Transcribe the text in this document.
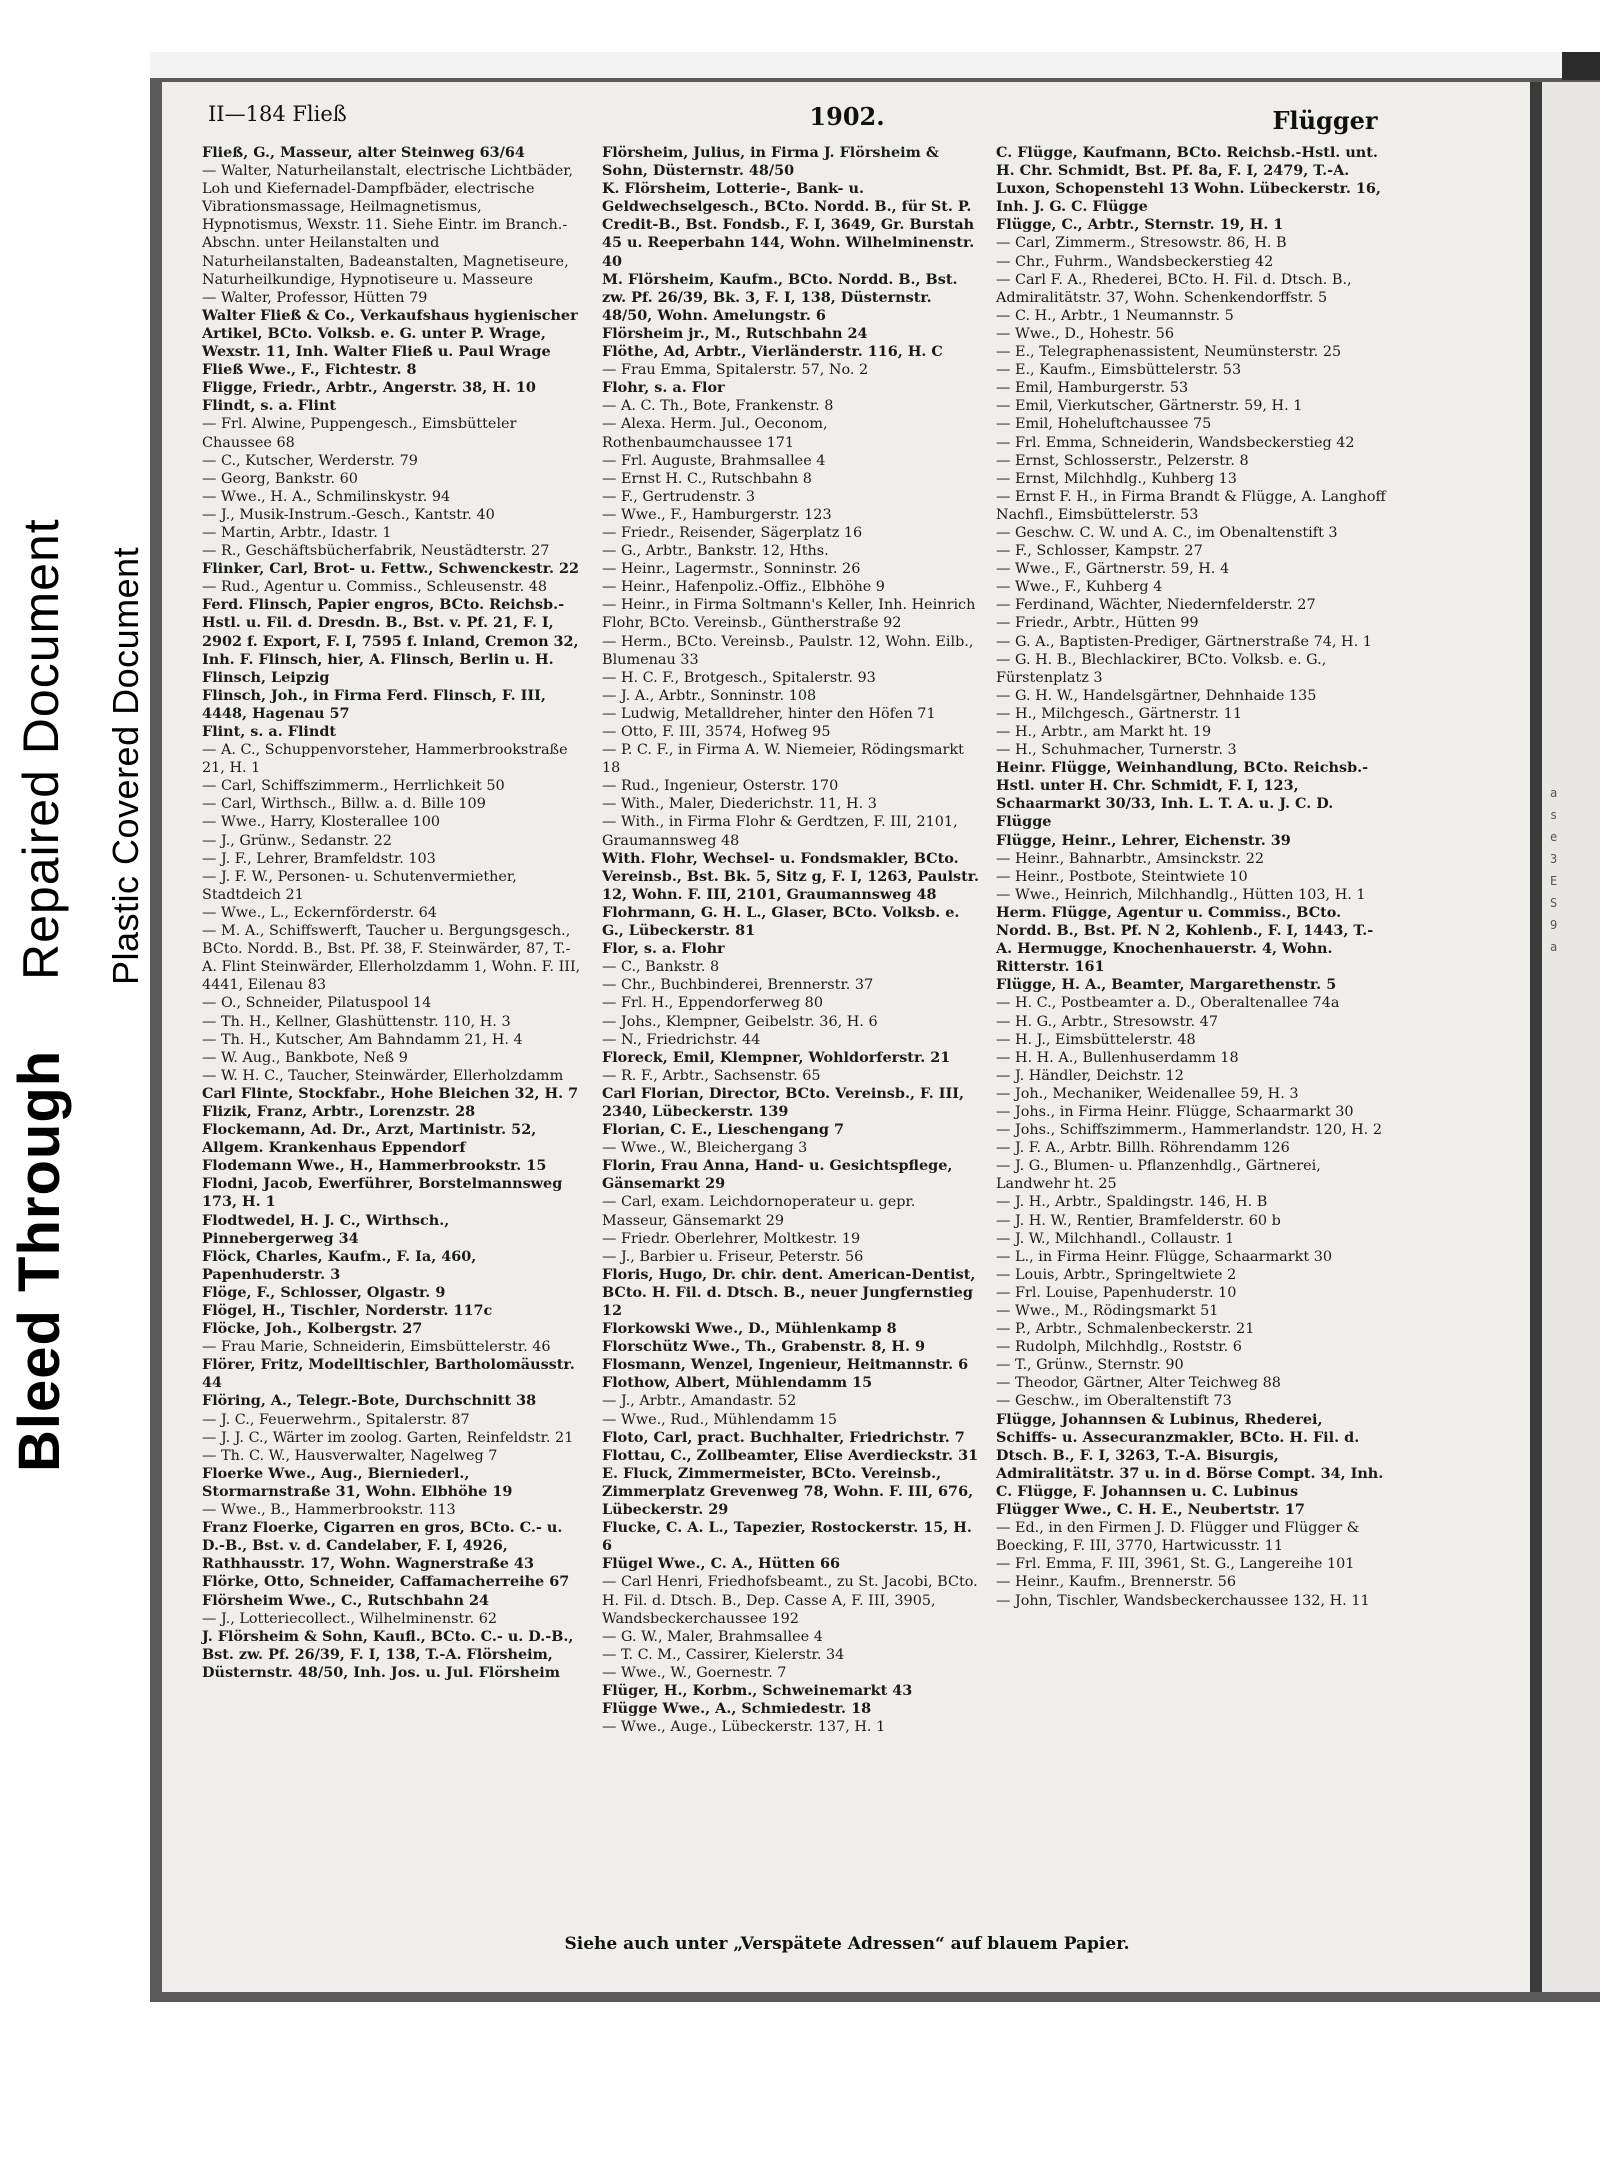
Bleed Through
Repaired Document Plastic Covered Document
1902.
II—184 Fließ	Flügger
Fließ, G., Masseur, alter Steinweg 63/64
— Walter, Naturheilanstalt, electrische Lichtbäder, Loh und Kiefernadel-Dampfbäder, electrische Vibrationsmassage, Heilmagnetismus, Hypnotismus, Wexstr. 11. Siehe Eintr. im Branch.-Abschn. unter Heilanstalten und Naturheilanstalten, Badeanstalten, Magnetiseure, Naturheilkundige, Hypnotiseure u. Masseure
— Walter, Professor, Hütten 79
Walter Fließ & Co., Verkaufshaus hygienischer Artikel, BCto. Volksb. e. G. unter P. Wrage, Wexstr. 11, Inh. Walter Fließ u. Paul Wrage
Fließ Wwe., F., Fichtestr. 8
Fligge, Friedr., Arbtr., Angerstr. 38, H. 10
Flindt, s. a. Flint
— Frl. Alwine, Puppengesch., Eimsbütteler Chaussee 68
— C., Kutscher, Werderstr. 79
— Georg, Bankstr. 60
— Wwe., H. A., Schmilinskystr. 94
— J., Musik-Instrum.-Gesch., Kantstr. 40
— Martin, Arbtr., Idastr. 1
— R., Geschäftsbücherfabrik, Neustädterstr. 27
Flinker, Carl, Brot- u. Fettw., Schwenckestr. 22
— Rud., Agentur u. Commiss., Schleusenstr. 48
Ferd. Flinsch, Papier engros, BCto. Reichsb.-Hstl. u. Fil. d. Dresdn. B., Bst. v. Pf. 21, F. I, 2902 f. Export, F. I, 7595 f. Inland, Cremon 32, Inh. F. Flinsch, hier, A. Flinsch, Berlin u. H. Flinsch, Leipzig
Flinsch, Joh., in Firma Ferd. Flinsch, F. III, 4448, Hagenau 57
Flint, s. a. Flindt
— A. C., Schuppenvorsteher, Hammerbrookstraße 21, H. 1
— Carl, Schiffszimmerm., Herrlichkeit 50
— Carl, Wirthsch., Billw. a. d. Bille 109
— Wwe., Harry, Klosterallee 100
— J., Grünw., Sedanstr. 22
— J. F., Lehrer, Bramfeldstr. 103
— J. F. W., Personen- u. Schutenvermiether, Stadtdeich 21
— Wwe., L., Eckernförderstr. 64
— M. A., Schiffswerft, Taucher u. Bergungsgesch., BCto. Nordd. B., Bst. Pf. 38, F. Steinwärder, 87, T.-A. Flint Steinwärder, Ellerholzdamm 1, Wohn. F. III, 4441, Eilenau 83
— O., Schneider, Pilatuspool 14
— Th. H., Kellner, Glashüttenstr. 110, H. 3
— Th. H., Kutscher, Am Bahndamm 21, H. 4
— W. Aug., Bankbote, Neß 9
— W. H. C., Taucher, Steinwärder, Ellerholzdamm
Carl Flinte, Stockfabr., Hohe Bleichen 32, H. 7
Flizik, Franz, Arbtr., Lorenzstr. 28
Flockemann, Ad. Dr., Arzt, Martinistr. 52, Allgem. Krankenhaus Eppendorf
Flodemann Wwe., H., Hammerbrookstr. 15
Flodni, Jacob, Ewerführer, Borstelmannsweg 173, H. 1
Flodtwedel, H. J. C., Wirthsch., Pinnebergerweg 34
Flöck, Charles, Kaufm., F. Ia, 460, Papenhuderstr. 3
Flöge, F., Schlosser, Olgastr. 9
Flögel, H., Tischler, Norderstr. 117c
Flöcke, Joh., Kolbergstr. 27
— Frau Marie, Schneiderin, Eimsbüttelerstr. 46
Flörer, Fritz, Modelltischler, Bartholomäusstr. 44
Flöring, A., Telegr.-Bote, Durchschnitt 38
— J. C., Feuerwehrm., Spitalerstr. 87
— J. J. C., Wärter im zoolog. Garten, Reinfeldstr. 21
— Th. C. W., Hausverwalter, Nagelweg 7
Floerke Wwe., Aug., Bierniederl., Stormarnstraße 31, Wohn. Elbhöhe 19
— Wwe., B., Hammerbrookstr. 113
Franz Floerke, Cigarren en gros, BCto. C.- u. D.-B., Bst. v. d. Candelaber, F. I, 4926, Rathhausstr. 17, Wohn. Wagnerstraße 43
Flörke, Otto, Schneider, Caffamacherreihe 67
Flörsheim Wwe., C., Rutschbahn 24
— J., Lotteriecollect., Wilhelminenstr. 62
J. Flörsheim & Sohn, Kaufl., BCto. C.- u. D.-B., Bst. zw. Pf. 26/39, F. I, 138, T.-A. Flörsheim, Düsternstr. 48/50, Inh. Jos. u. Jul. Flörsheim
Flörsheim, Julius, in Firma J. Flörsheim & Sohn, Düsternstr. 48/50
K. Flörsheim, Lotterie-, Bank- u. Geldwechselgesch., BCto. Nordd. B., für St. P. Credit-B., Bst. Fondsb., F. I, 3649, Gr. Burstah 45 u. Reeperbahn 144, Wohn. Wilhelminenstr. 40
M. Flörsheim, Kaufm., BCto. Nordd. B., Bst. zw. Pf. 26/39, Bk. 3, F. I, 138, Düsternstr. 48/50, Wohn. Amelungstr. 6
Flörsheim jr., M., Rutschbahn 24
Flöthe, Ad, Arbtr., Vierländerstr. 116, H. C
— Frau Emma, Spitalerstr. 57, No. 2
Flohr, s. a. Flor
— A. C. Th., Bote, Frankenstr. 8
— Alexa. Herm. Jul., Oeconom, Rothenbaumchaussee 171
— Frl. Auguste, Brahmsallee 4
— Ernst H. C., Rutschbahn 8
— F., Gertrudenstr. 3
— Wwe., F., Hamburgerstr. 123
— Friedr., Reisender, Sägerplatz 16
— G., Arbtr., Bankstr. 12, Hths.
— Heinr., Lagermstr., Sonninstr. 26
— Heinr., Hafenpoliz.-Offiz., Elbhöhe 9
— Heinr., in Firma Soltmann's Keller, Inh. Heinrich Flohr, BCto. Vereinsb., Güntherstraße 92
— Herm., BCto. Vereinsb., Paulstr. 12, Wohn. Eilb., Blumenau 33
— H. C. F., Brotgesch., Spitalerstr. 93
— J. A., Arbtr., Sonninstr. 108
— Ludwig, Metalldreher, hinter den Höfen 71
— Otto, F. III, 3574, Hofweg 95
— P. C. F., in Firma A. W. Niemeier, Rödingsmarkt 18
— Rud., Ingenieur, Osterstr. 170
— With., Maler, Diederichstr. 11, H. 3
— With., in Firma Flohr & Gerdtzen, F. III, 2101, Graumannsweg 48
With. Flohr, Wechsel- u. Fondsmakler, BCto. Vereinsb., Bst. Bk. 5, Sitz g, F. I, 1263, Paulstr. 12, Wohn. F. III, 2101, Graumannsweg 48
Flohrmann, G. H. L., Glaser, BCto. Volksb. e. G., Lübeckerstr. 81
Flor, s. a. Flohr
— C., Bankstr. 8
— Chr., Buchbinderei, Brennerstr. 37
— Frl. H., Eppendorferweg 80
— Johs., Klempner, Geibelstr. 36, H. 6
— N., Friedrichstr. 44
Floreck, Emil, Klempner, Wohldorferstr. 21
— R. F., Arbtr., Sachsenstr. 65
Carl Florian, Director, BCto. Vereinsb., F. III, 2340, Lübeckerstr. 139
Florian, C. E., Lieschengang 7
— Wwe., W., Bleichergang 3
Florin, Frau Anna, Hand- u. Gesichtspflege, Gänsemarkt 29
— Carl, exam. Leichdornoperateur u. gepr. Masseur, Gänsemarkt 29
— Friedr. Oberlehrer, Moltkestr. 19
— J., Barbier u. Friseur, Peterstr. 56
Floris, Hugo, Dr. chir. dent. American-Dentist, BCto. H. Fil. d. Dtsch. B., neuer Jungfernstieg 12
Florkowski Wwe., D., Mühlenkamp 8
Florschütz Wwe., Th., Grabenstr. 8, H. 9
Flosmann, Wenzel, Ingenieur, Heitmannstr. 6
Flothow, Albert, Mühlendamm 15
— J., Arbtr., Amandastr. 52
— Wwe., Rud., Mühlendamm 15
Floto, Carl, pract. Buchhalter, Friedrichstr. 7
Flottau, C., Zollbeamter, Elise Averdieckstr. 31
E. Fluck, Zimmermeister, BCto. Vereinsb., Zimmerplatz Grevenweg 78, Wohn. F. III, 676, Lübeckerstr. 29
Flucke, C. A. L., Tapezier, Rostockerstr. 15, H. 6
Flügel Wwe., C. A., Hütten 66
— Carl Henri, Friedhofsbeamt., zu St. Jacobi, BCto. H. Fil. d. Dtsch. B., Dep. Casse A, F. III, 3905, Wandsbeckerchaussee 192
— G. W., Maler, Brahmsallee 4
— T. C. M., Cassirer, Kielerstr. 34
— Wwe., W., Goernestr. 7
Flüger, H., Korbm., Schweinemarkt 43
Flügge Wwe., A., Schmiedestr. 18
— Wwe., Auge., Lübeckerstr. 137, H. 1
C. Flügge, Kaufmann, BCto. Reichsb.-Hstl. unt. H. Chr. Schmidt, Bst. Pf. 8a, F. I, 2479, T.-A. Luxon, Schopenstehl 13 Wohn. Lübeckerstr. 16, Inh. J. G. C. Flügge
Flügge, C., Arbtr., Sternstr. 19, H. 1
— Carl, Zimmerm., Stresowstr. 86, H. B
— Chr., Fuhrm., Wandsbeckerstieg 42
— Carl F. A., Rhederei, BCto. H. Fil. d. Dtsch. B., Admiralitätstr. 37, Wohn. Schenkendorffstr. 5
— C. H., Arbtr., 1 Neumannstr. 5
— Wwe., D., Hohestr. 56
— E., Telegraphenassistent, Neumünsterstr. 25
— E., Kaufm., Eimsbüttelerstr. 53
— Emil, Hamburgerstr. 53
— Emil, Vierkutscher, Gärtnerstr. 59, H. 1
— Emil, Hoheluftchaussee 75
— Frl. Emma, Schneiderin, Wandsbeckerstieg 42
— Ernst, Schlosserstr., Pelzerstr. 8
— Ernst, Milchhdlg., Kuhberg 13
— Ernst F. H., in Firma Brandt & Flügge, A. Langhoff Nachfl., Eimsbüttelerstr. 53
— Geschw. C. W. und A. C., im Obenaltenstift 3
— F., Schlosser, Kampstr. 27
— Wwe., F., Gärtnerstr. 59, H. 4
— Wwe., F., Kuhberg 4
— Ferdinand, Wächter, Niedernfelderstr. 27
— Friedr., Arbtr., Hütten 99
— G. A., Baptisten-Prediger, Gärtnerstraße 74, H. 1
— G. H. B., Blechlackirer, BCto. Volksb. e. G., Fürstenplatz 3
— G. H. W., Handelsgärtner, Dehnhaide 135
— H., Milchgesch., Gärtnerstr. 11
— H., Arbtr., am Markt ht. 19
— H., Schuhmacher, Turnerstr. 3
Heinr. Flügge, Weinhandlung, BCto. Reichsb.-Hstl. unter H. Chr. Schmidt, F. I, 123, Schaarmarkt 30/33, Inh. L. T. A. u. J. C. D. Flügge
Flügge, Heinr., Lehrer, Eichenstr. 39
— Heinr., Bahnarbtr., Amsinckstr. 22
— Heinr., Postbote, Steintwiete 10
— Wwe., Heinrich, Milchhandlg., Hütten 103, H. 1
Herm. Flügge, Agentur u. Commiss., BCto. Nordd. B., Bst. Pf. N 2, Kohlenb., F. I, 1443, T.-A. Hermugge, Knochenhauerstr. 4, Wohn. Ritterstr. 161
Flügge, H. A., Beamter, Margarethenstr. 5
— H. C., Postbeamter a. D., Oberaltenallee 74a
— H. G., Arbtr., Stresowstr. 47
— H. J., Eimsbüttelerstr. 48
— H. H. A., Bullenhuserdamm 18
— J. Händler, Deichstr. 12
— Joh., Mechaniker, Weidenallee 59, H. 3
— Johs., in Firma Heinr. Flügge, Schaarmarkt 30
— Johs., Schiffszimmerm., Hammerlandstr. 120, H. 2
— J. F. A., Arbtr. Billh. Röhrendamm 126
— J. G., Blumen- u. Pflanzenhdlg., Gärtnerei, Landwehr ht. 25
— J. H., Arbtr., Spaldingstr. 146, H. B
— J. H. W., Rentier, Bramfelderstr. 60 b
— J. W., Milchhandl., Collaustr. 1
— L., in Firma Heinr. Flügge, Schaarmarkt 30
— Louis, Arbtr., Springeltwiete 2
— Frl. Louise, Papenhuderstr. 10
— Wwe., M., Rödingsmarkt 51
— P., Arbtr., Schmalenbeckerstr. 21
— Rudolph, Milchhdlg., Roststr. 6
— T., Grünw., Sternstr. 90
— Theodor, Gärtner, Alter Teichweg 88
— Geschw., im Oberaltenstift 73
Flügge, Johannsen & Lubinus, Rhederei, Schiffs- u. Assecuranzmakler, BCto. H. Fil. d. Dtsch. B., F. I, 3263, T.-A. Bisurgis, Admiralitätstr. 37 u. in d. Börse Compt. 34, Inh. C. Flügge, F. Johannsen u. C. Lubinus
Flügger Wwe., C. H. E., Neubertstr. 17
— Ed., in den Firmen J. D. Flügger und Flügger & Boecking, F. III, 3770, Hartwicusstr. 11
— Frl. Emma, F. III, 3961, St. G., Langereihe 101
— Heinr., Kaufm., Brennerstr. 56
— John, Tischler, Wandsbeckerchaussee 132, H. 11
Siehe auch unter „Verspätete Adressen“ auf blauem Papier.
a
s
e
3
E
S
9
a
